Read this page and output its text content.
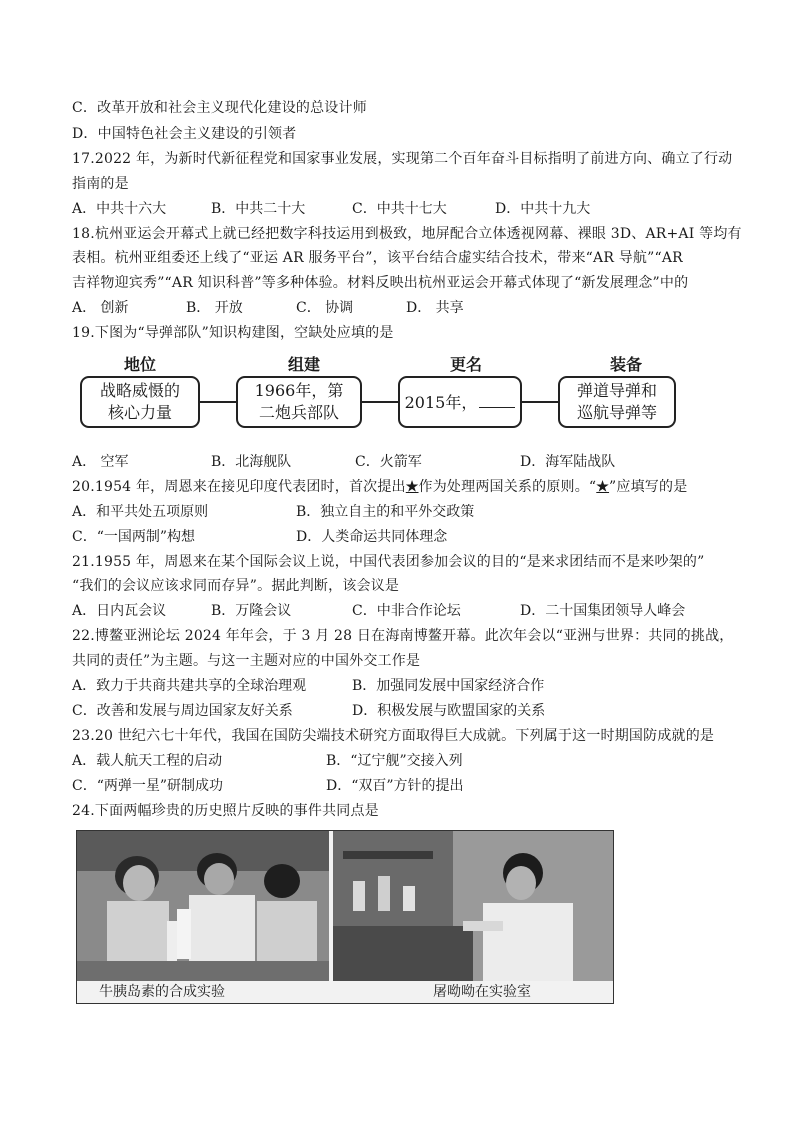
C．改革开放和社会主义现代化建设的总设计师
D．中国特色社会主义建设的引领者
17.2022 年，为新时代新征程党和国家事业发展，实现第二个百年奋斗目标指明了前进方向、确立了行动
指南的是
A．中共十六大	B．中共二十大	C．中共十七大	D．中共十九大
18.杭州亚运会开幕式上就已经把数字科技运用到极致，地屏配合立体透视网幕、裸眼 3D、AR+AI 等均有
表相。杭州亚组委还上线了“亚运 AR 服务平台”，该平台结合虚实结合技术，带来“AR 导航”“AR
吉祥物迎宾秀”“AR 知识科普”等多种体验。材料反映出杭州亚运会开幕式体现了“新发展理念”中的
A． 创新	B． 开放	C． 协调	D． 共享
19.下图为“导弹部队”知识构建图，空缺处应填的是
地位	组建	更名	装备
战略威慑的
核心力量
1966年，第
二炮兵部队
2015年，
弹道导弹和
巡航导弹等
A． 空军	B．北海舰队	C．火箭军	D．海军陆战队
20.1954 年，周恩来在接见印度代表团时，首次提出★作为处理两国关系的原则。“★”应填写的是
A．和平共处五项原则	B．独立自主的和平外交政策
C．“一国两制”构想	D．人类命运共同体理念
21.1955 年，周恩来在某个国际会议上说，中国代表团参加会议的目的“是来求团结而不是来吵架的”
“我们的会议应该求同而存异”。据此判断，该会议是
A．日内瓦会议	B．万隆会议	C．中非合作论坛	D．二十国集团领导人峰会
22.博鳌亚洲论坛 2024 年年会，于 3 月 28 日在海南博鳌开幕。此次年会以“亚洲与世界：共同的挑战，
共同的责任”为主题。与这一主题对应的中国外交工作是
A．致力于共商共建共享的全球治理观	B．加强同发展中国家经济合作
C．改善和发展与周边国家友好关系	D．积极发展与欧盟国家的关系
23.20 世纪六七十年代，我国在国防尖端技术研究方面取得巨大成就。下列属于这一时期国防成就的是
A．载人航天工程的启动	B．“辽宁舰”交接入列
C．“两弹一星”研制成功	D．“双百”方针的提出
24.下面两幅珍贵的历史照片反映的事件共同点是
牛胰岛素的合成实验	屠呦呦在实验室
